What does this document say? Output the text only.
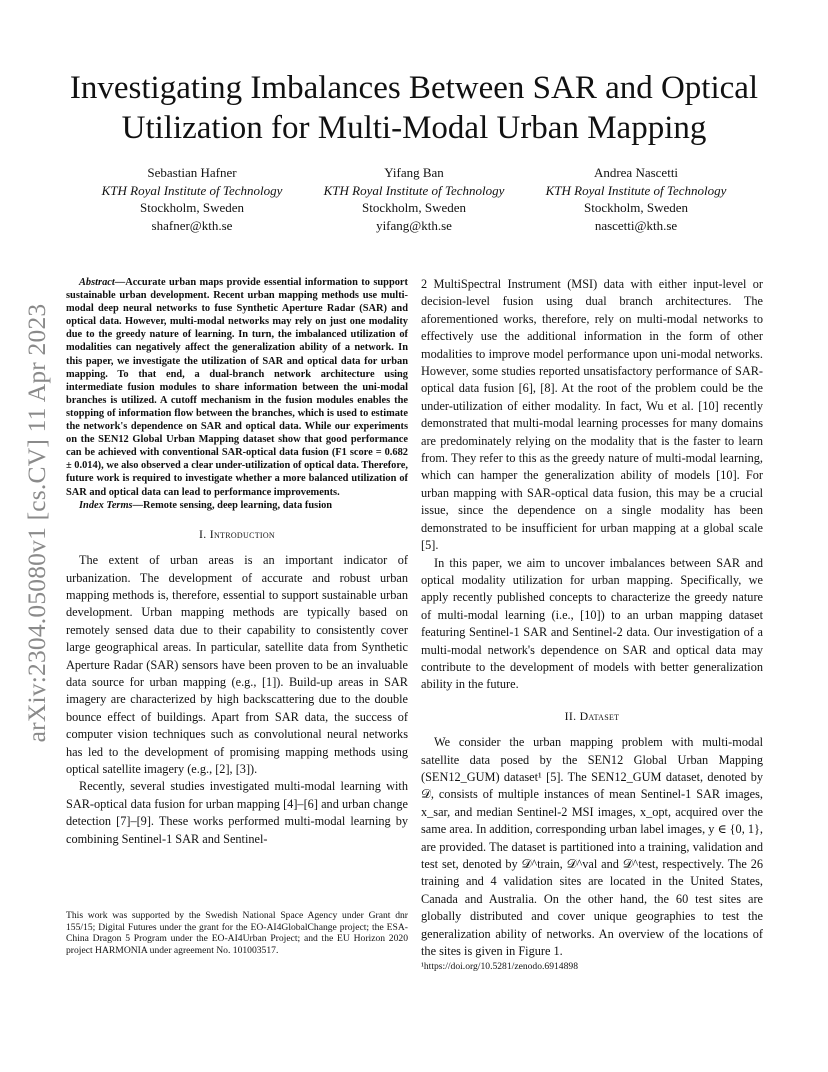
arXiv:2304.05080v1 [cs.CV] 11 Apr 2023
Investigating Imbalances Between SAR and Optical
Utilization for Multi-Modal Urban Mapping
Sebastian Hafner
KTH Royal Institute of Technology
Stockholm, Sweden
shafner@kth.se
Yifang Ban
KTH Royal Institute of Technology
Stockholm, Sweden
yifang@kth.se
Andrea Nascetti
KTH Royal Institute of Technology
Stockholm, Sweden
nascetti@kth.se

Abstract—Accurate urban maps provide essential information to support sustainable urban development. Recent urban mapping methods use multi-modal deep neural networks to fuse Synthetic Aperture Radar (SAR) and optical data. However, multi-modal networks may rely on just one modality due to the greedy nature of learning. In turn, the imbalanced utilization of modalities can negatively affect the generalization ability of a network. In this paper, we investigate the utilization of SAR and optical data for urban mapping. To that end, a dual-branch network architecture using intermediate fusion modules to share information between the uni-modal branches is utilized. A cutoff mechanism in the fusion modules enables the stopping of information flow between the branches, which is used to estimate the network's dependence on SAR and optical data. While our experiments on the SEN12 Global Urban Mapping dataset show that good performance can be achieved with conventional SAR-optical data fusion (F1 score = 0.682 ± 0.014), we also observed a clear under-utilization of optical data. Therefore, future work is required to investigate whether a more balanced utilization of SAR and optical data can lead to performance improvements.

Index Terms—Remote sensing, deep learning, data fusion

I. Introduction

The extent of urban areas is an important indicator of urbanization. The development of accurate and robust urban mapping methods is, therefore, essential to support sustainable urban development. Urban mapping methods are typically based on remotely sensed data due to their capability to consistently cover large geographical areas. In particular, satellite data from Synthetic Aperture Radar (SAR) sensors have been proven to be an invaluable data source for urban mapping (e.g., [1]). Build-up areas in SAR imagery are characterized by high backscattering due to the double bounce effect of buildings. Apart from SAR data, the success of computer vision techniques such as convolutional neural networks has led to the development of promising mapping methods using optical satellite imagery (e.g., [2], [3]).

Recently, several studies investigated multi-modal learning with SAR-optical data fusion for urban mapping [4]–[6] and urban change detection [7]–[9]. These works performed multi-modal learning by combining Sentinel-1 SAR and Sentinel-

This work was supported by the Swedish National Space Agency under Grant dnr 155/15; Digital Futures under the grant for the EO-AI4GlobalChange project; the ESA-China Dragon 5 Program under the EO-AI4Urban Project; and the EU Horizon 2020 project HARMONIA under agreement No. 101003517.

2 MultiSpectral Instrument (MSI) data with either input-level or decision-level fusion using dual branch architectures. The aforementioned works, therefore, rely on multi-modal networks to effectively use the additional information in the form of other modalities to improve model performance upon uni-modal networks. However, some studies reported unsatisfactory performance of SAR-optical data fusion [6], [8]. At the root of the problem could be the under-utilization of either modality. In fact, Wu et al. [10] recently demonstrated that multi-modal learning processes for many domains are predominately relying on the modality that is the faster to learn from. They refer to this as the greedy nature of multi-modal learning, which can hamper the generalization ability of models [10]. For urban mapping with SAR-optical data fusion, this may be a crucial issue, since the dependence on a single modality has been demonstrated to be insufficient for urban mapping at a global scale [5].

In this paper, we aim to uncover imbalances between SAR and optical modality utilization for urban mapping. Specifically, we apply recently published concepts to characterize the greedy nature of multi-modal learning (i.e., [10]) to an urban mapping dataset featuring Sentinel-1 SAR and Sentinel-2 data. Our investigation of a multi-modal network's dependence on SAR and optical data may contribute to the development of models with better generalization ability in the future.

II. Dataset

We consider the urban mapping problem with multi-modal satellite data posed by the SEN12 Global Urban Mapping (SEN12_GUM) dataset¹ [5]. The SEN12_GUM dataset, denoted by 𝒟, consists of multiple instances of mean Sentinel-1 SAR images, x_sar, and median Sentinel-2 MSI images, x_opt, acquired over the same area. In addition, corresponding urban label images, y ∈ {0, 1}, are provided. The dataset is partitioned into a training, validation and test set, denoted by 𝒟^train, 𝒟^val and 𝒟^test, respectively. The 26 training and 4 validation sites are located in the United States, Canada and Australia. On the other hand, the 60 test sites are globally distributed and cover unique geographies to test the generalization ability of networks. An overview of the locations of the sites is given in Figure 1.

¹https://doi.org/10.5281/zenodo.6914898
